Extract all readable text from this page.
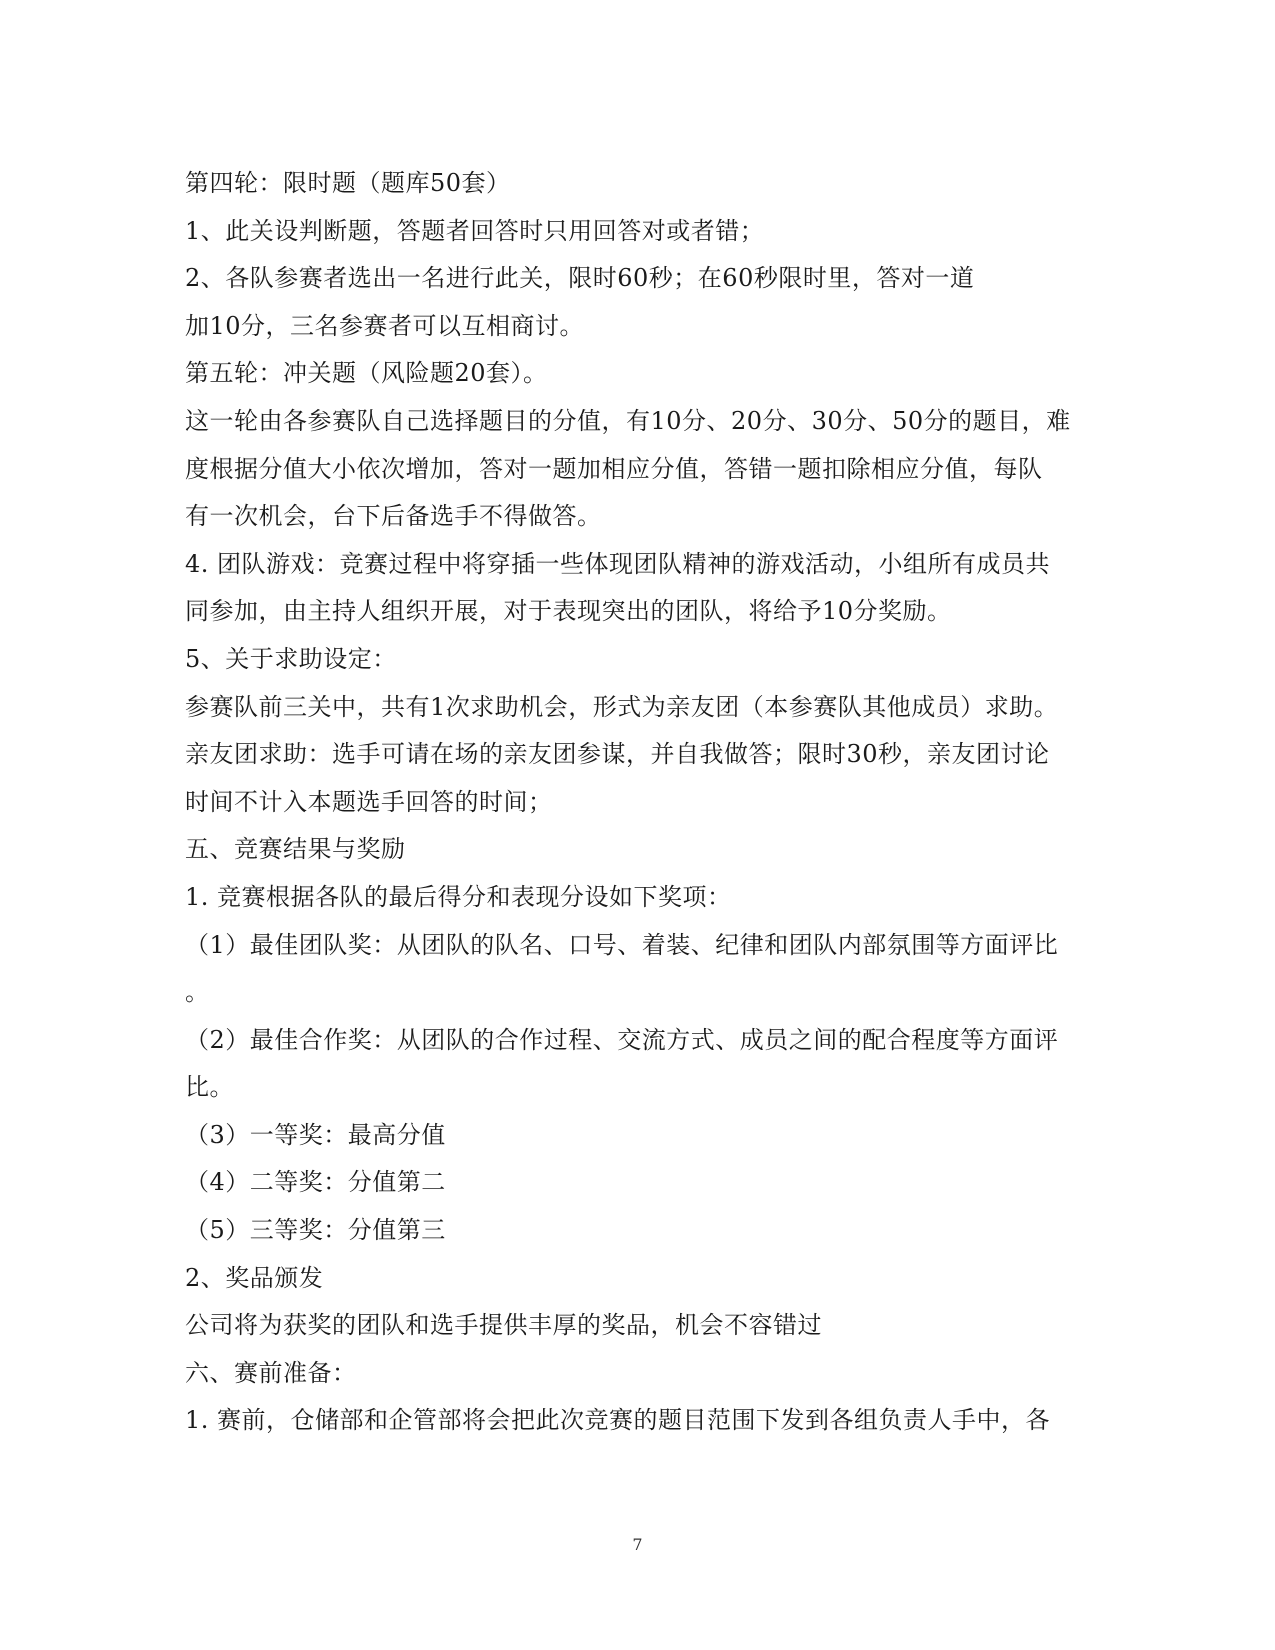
第四轮：限时题（题库50套）
1、此关设判断题，答题者回答时只用回答对或者错；
2、各队参赛者选出一名进行此关，限时60秒；在60秒限时里，答对一道
加10分，三名参赛者可以互相商讨。
第五轮：冲关题（风险题20套）。
这一轮由各参赛队自己选择题目的分值，有10分、20分、30分、50分的题目，难
度根据分值大小依次增加，答对一题加相应分值，答错一题扣除相应分值，每队
有一次机会，台下后备选手不得做答。
4. 团队游戏：竞赛过程中将穿插一些体现团队精神的游戏活动，小组所有成员共
同参加，由主持人组织开展，对于表现突出的团队，将给予10分奖励。
5、关于求助设定：
参赛队前三关中，共有1次求助机会，形式为亲友团（本参赛队其他成员）求助。
亲友团求助：选手可请在场的亲友团参谋，并自我做答；限时30秒，亲友团讨论
时间不计入本题选手回答的时间；
五、竞赛结果与奖励
1. 竞赛根据各队的最后得分和表现分设如下奖项：
（1）最佳团队奖：从团队的队名、口号、着装、纪律和团队内部氛围等方面评比
。
（2）最佳合作奖：从团队的合作过程、交流方式、成员之间的配合程度等方面评
比。
（3）一等奖：最高分值
（4）二等奖：分值第二
（5）三等奖：分值第三
2、奖品颁发
公司将为获奖的团队和选手提供丰厚的奖品，机会不容错过
六、赛前准备：
1. 赛前，仓储部和企管部将会把此次竞赛的题目范围下发到各组负责人手中，各
7
